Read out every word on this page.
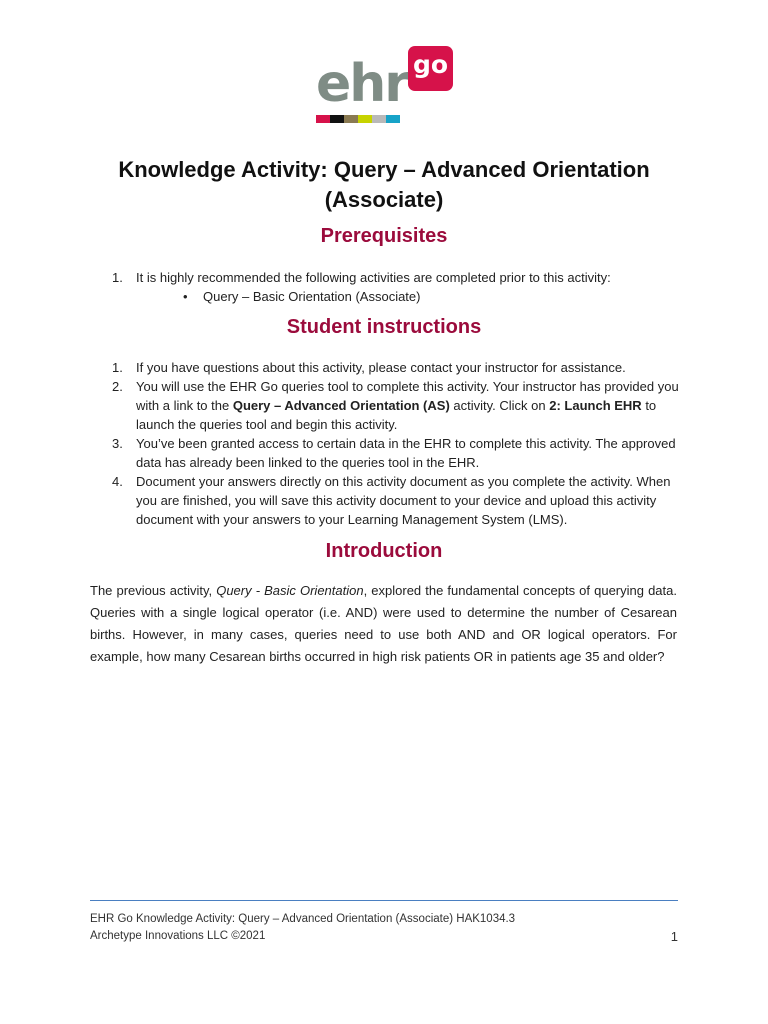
ehr go
Knowledge Activity: Query – Advanced Orientation (Associate)
Prerequisites
1. It is highly recommended the following activities are completed prior to this activity:
• Query – Basic Orientation (Associate)
Student instructions
1. If you have questions about this activity, please contact your instructor for assistance.
2. You will use the EHR Go queries tool to complete this activity. Your instructor has provided you with a link to the Query – Advanced Orientation (AS) activity. Click on 2: Launch EHR to launch the queries tool and begin this activity.
3. You’ve been granted access to certain data in the EHR to complete this activity. The approved data has already been linked to the queries tool in the EHR.
4. Document your answers directly on this activity document as you complete the activity. When you are finished, you will save this activity document to your device and upload this activity document with your answers to your Learning Management System (LMS).
Introduction

The previous activity, Query - Basic Orientation, explored the fundamental concepts of querying data. Queries with a single logical operator (i.e. AND) were used to determine the number of Cesarean births. However, in many cases, queries need to use both AND and OR logical operators. For example, how many Cesarean births occurred in high risk patients OR in patients age 35 and older?

EHR Go Knowledge Activity: Query – Advanced Orientation (Associate) HAK1034.3
Archetype Innovations LLC ©2021	1
